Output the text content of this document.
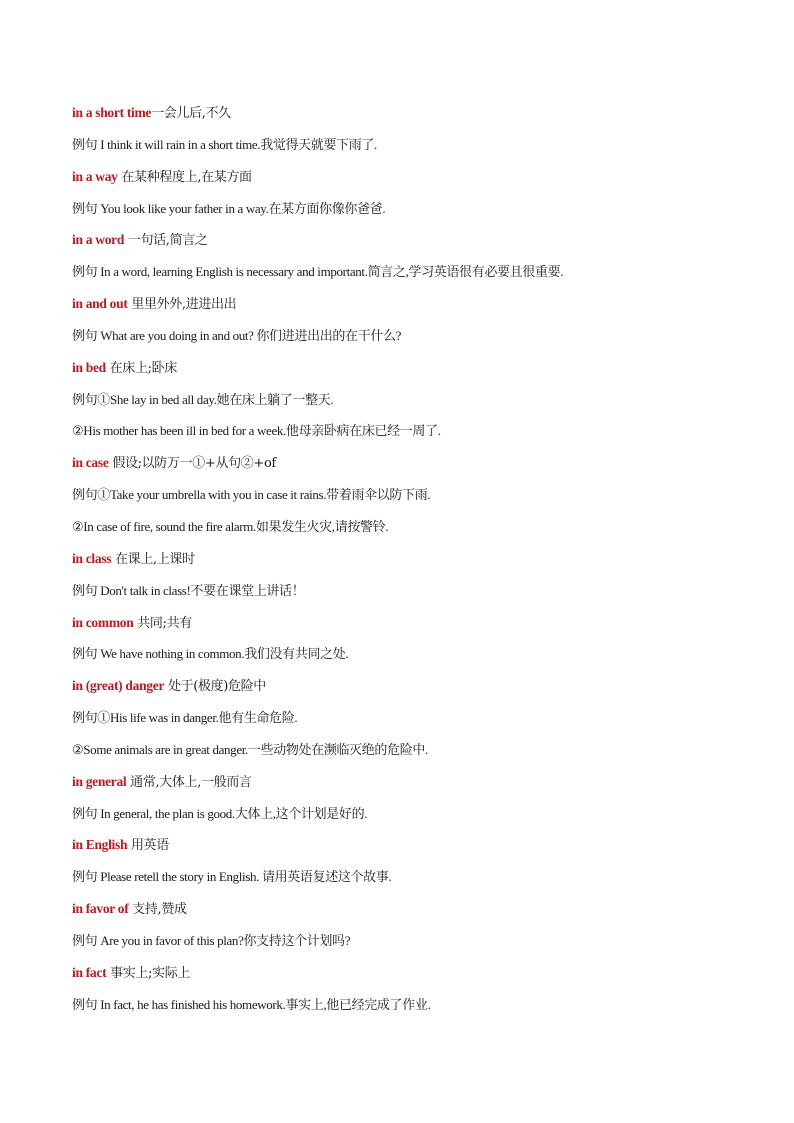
in a short time一会儿后,不久
例句 I think it will rain in a short time.我觉得天就要下雨了.
in a way 在某种程度上,在某方面
例句 You look like your father in a way.在某方面你像你爸爸.
in a word 一句话,简言之
例句 In a word, learning English is necessary and important.简言之,学习英语很有必要且很重要.
in and out 里里外外,进进出出
例句 What are you doing in and out? 你们进进出出的在干什么?
in bed 在床上;卧床
例句①She lay in bed all day.她在床上躺了一整天.
②His mother has been ill in bed for a week.他母亲卧病在床已经一周了.
in case 假设;以防万一①+从句②+of
例句①Take your umbrella with you in case it rains.带着雨伞以防下雨.
②In case of fire, sound the fire alarm.如果发生火灾,请按警铃.
in class 在课上,上课时
例句 Don't talk in class!不要在课堂上讲话！
in common 共同;共有
例句 We have nothing in common.我们没有共同之处.
in (great) danger 处于(极度)危险中
例句①His life was in danger.他有生命危险.
②Some animals are in great danger.一些动物处在濒临灭绝的危险中.
in general 通常,大体上,一般而言
例句 In general, the plan is good.大体上,这个计划是好的.
in English 用英语
例句 Please retell the story in English. 请用英语复述这个故事.
in favor of 支持,赞成
例句 Are you in favor of this plan?你支持这个计划吗?
in fact 事实上;实际上
例句 In fact, he has finished his homework.事实上,他已经完成了作业.
